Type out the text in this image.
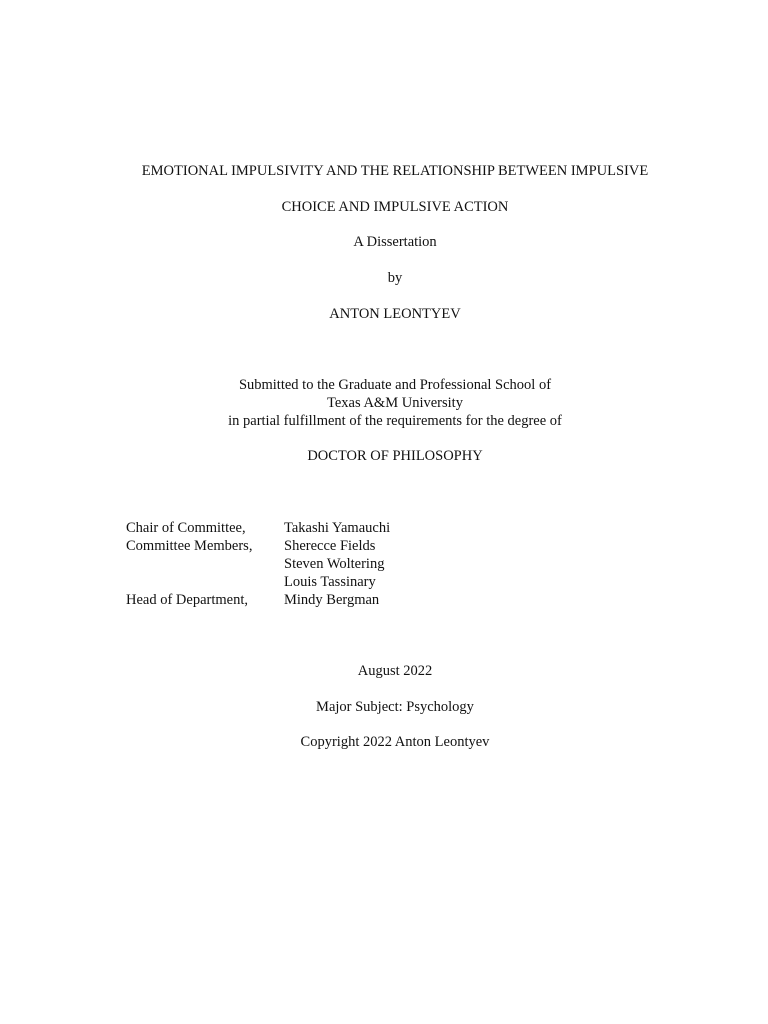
EMOTIONAL IMPULSIVITY AND THE RELATIONSHIP BETWEEN IMPULSIVE
CHOICE AND IMPULSIVE ACTION
A Dissertation
by
ANTON LEONTYEV
Submitted to the Graduate and Professional School of
Texas A&M University
in partial fulfillment of the requirements for the degree of
DOCTOR OF PHILOSOPHY
Chair of Committee,	Takashi Yamauchi
Committee Members, Sherecce Fields
Steven Woltering
Louis Tassinary
Head of Department, Mindy Bergman
August 2022
Major Subject: Psychology
Copyright 2022 Anton Leontyev
